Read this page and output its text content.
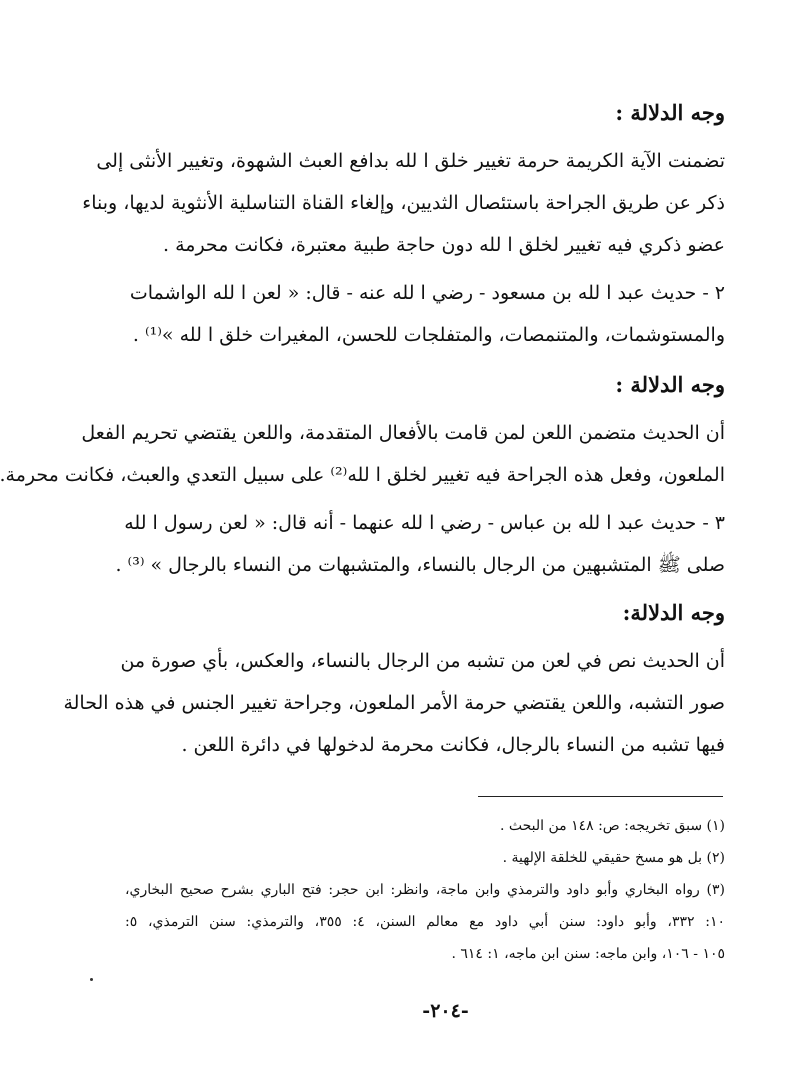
وجه الدلالة :
تضمنت الآية الكريمة حرمة تغيير خلق ا لله بدافع العبث الشهوة، وتغيير الأنثى إلى
ذكر عن طريق الجراحة باستئصال الثديين، وإلغاء القناة التناسلية الأنثوية لديها، وبناء
عضو ذكري فيه تغيير لخلق ا لله دون حاجة طبية معتبرة، فكانت محرمة .
٢ - حديث عبد ا لله بن مسعود - رضي ا لله عنه - قال: « لعن ا لله الواشمات
والمستوشمات، والمتنمصات، والمتفلجات للحسن، المغيرات خلق ا لله »⁽¹⁾ .
وجه الدلالة :
أن الحديث متضمن اللعن لمن قامت بالأفعال المتقدمة، واللعن يقتضي تحريم الفعل
الملعون، وفعل هذه الجراحة فيه تغيير لخلق ا لله⁽²⁾ على سبيل التعدي والعبث، فكانت محرمة.
٣ - حديث عبد ا لله بن عباس - رضي ا لله عنهما - أنه قال: « لعن رسول ا لله
صلى ﷺ المتشبهين من الرجال بالنساء، والمتشبهات من النساء بالرجال » ⁽³⁾ .
وجه الدلالة:
أن الحديث نص في لعن من تشبه من الرجال بالنساء، والعكس، بأي صورة من
صور التشبه، واللعن يقتضي حرمة الأمر الملعون، وجراحة تغيير الجنس في هذه الحالة
فيها تشبه من النساء بالرجال، فكانت محرمة لدخولها في دائرة اللعن .
(١) سبق تخريجه: ص: ١٤٨ من البحث .
(٢) بل هو مسخ حقيقي للخلقة الإلهية .
(٣) رواه البخاري وأبو داود والترمذي وابن ماجة، وانظر: ابن حجر: فتح الباري بشرح صحيح البخاري،
١٠: ٣٣٢، وأبو داود: سنن أبي داود مع معالم السنن، ٤: ٣٥٥، والترمذي: سنن الترمذي، ٥:
١٠٥ - ١٠٦، وابن ماجه: سنن ابن ماجه، ١: ٦١٤ .
-٢٠٤-
